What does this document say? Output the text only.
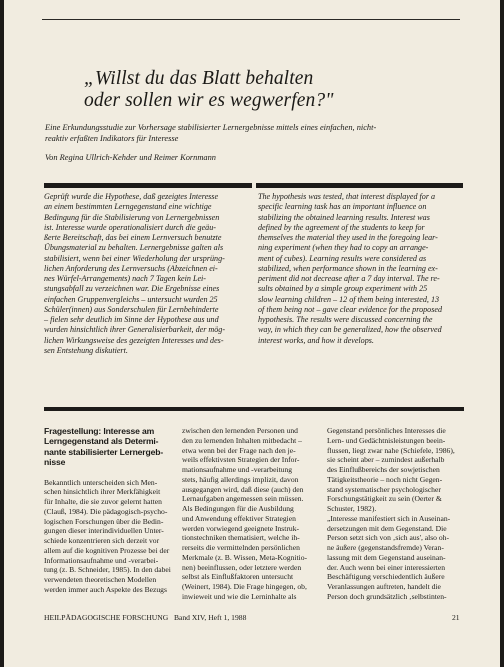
„Willst du das Blatt behalten
oder sollen wir es wegwerfen?"
Eine Erkundungsstudie zur Vorhersage stabilisierter Lernergebnisse mittels eines einfachen, nicht-
reaktiv erfaßten Indikators für Interesse
Von Regina Ullrich-Kehder und Reimer Kornmann
Geprüft wurde die Hypothese, daß gezeigtes Interesse
an einem bestimmten Lerngegenstand eine wichtige
Bedingung für die Stabilisierung von Lernergebnissen
ist. Interesse wurde operationalisiert durch die geäu-
ßerte Bereitschaft, das bei einem Lernversuch benutzte
Übungsmaterial zu behalten. Lernergebnisse galten als
stabilisiert, wenn bei einer Wiederholung der ursprüng-
lichen Anforderung des Lernversuchs (Abzeichnen ei-
nes Würfel-Arrangements) nach 7 Tagen kein Lei-
stungsabfall zu verzeichnen war. Die Ergebnisse eines
einfachen Gruppenvergleichs – untersucht wurden 25
Schüler(innen) aus Sonderschulen für Lernbehinderte
– fielen sehr deutlich im Sinne der Hypothese aus und
wurden hinsichtlich ihrer Generalisierbarkeit, der mög-
lichen Wirkungsweise des gezeigten Interesses und des-
sen Entstehung diskutiert.
The hypothesis was tested, that interest displayed for a
specific learning task has an important influence on
stabilizing the obtained learning results. Interest was
defined by the agreement of the students to keep for
themselves the material they used in the foregoing lear-
ning experiment (when they had to copy an arrange-
ment of cubes). Learning results were considered as
stabilized, when performance shown in the learning ex-
periment did not decrease after a 7 day interval. The re-
sults obtained by a simple group experiment with 25
slow learning children – 12 of them being interested, 13
of them being not – gave clear evidence for the proposed
hypothesis. The results were discussed concerning the
way, in which they can be generalized, how the observed
interest works, and how it develops.
Fragestellung: Interesse am
Lerngegenstand als Determi-
nante stabilisierter Lernergeb-
nisse
Bekanntlich unterscheiden sich Men-
schen hinsichtlich ihrer Merkfähigkeit
für Inhalte, die sie zuvor gelernt hatten
(Clauß, 1984). Die pädagogisch-psycho-
logischen Forschungen über die Bedin-
gungen dieser interindividuellen Unter-
schiede konzentrieren sich derzeit vor
allem auf die kognitiven Prozesse bei der
Informationsaufnahme und -verarbei-
tung (z. B. Schneider, 1985). In den dabei
verwendeten theoretischen Modellen
werden immer auch Aspekte des Bezugs
zwischen den lernenden Personen und
den zu lernenden Inhalten mitbedacht –
etwa wenn bei der Frage nach den je-
weils effektivsten Strategien der Infor-
mationsaufnahme und -verarbeitung
stets, häufig allerdings implizit, davon
ausgegangen wird, daß diese (auch) den
Lernaufgaben angemessen sein müssen.
Als Bedingungen für die Ausbildung
und Anwendung effektiver Strategien
werden vorwiegend geeignete Instruk-
tionstechniken thematisiert, welche ih-
rerseits die vermittelnden persönlichen
Merkmale (z. B. Wissen, Meta-Kognitio-
nen) beeinflussen, oder letztere werden
selbst als Einflußfaktoren untersucht
(Weinert, 1984). Die Frage hingegen, ob,
inwieweit und wie die Lerninhalte als
Gegenstand persönliches Interesses die
Lern- und Gedächtnisleistungen beein-
flussen, liegt zwar nahe (Schiefele, 1986),
sie scheint aber – zumindest außerhalb
des Einflußbereichs der sowjetischen
Tätigkeitstheorie – noch nicht Gegen-
stand systematischer psychologischer
Forschungstätigkeit zu sein (Oerter &
Schuster, 1982).
„Interesse manifestiert sich in Auseinan-
dersetzungen mit dem Gegenstand. Die
Person setzt sich von ‚sich aus', also oh-
ne äußere (gegenstandsfremde) Veran-
lassung mit dem Gegenstand auseinan-
der. Auch wenn bei einer interessierten
Beschäftigung verschiedentlich äußere
Veranlassungen auftreten, handelt die
Person doch grundsätzlich ‚selbstinten-
HEILPÄDAGOGISCHE FORSCHUNG   Band XIV, Heft 1, 1988	21
